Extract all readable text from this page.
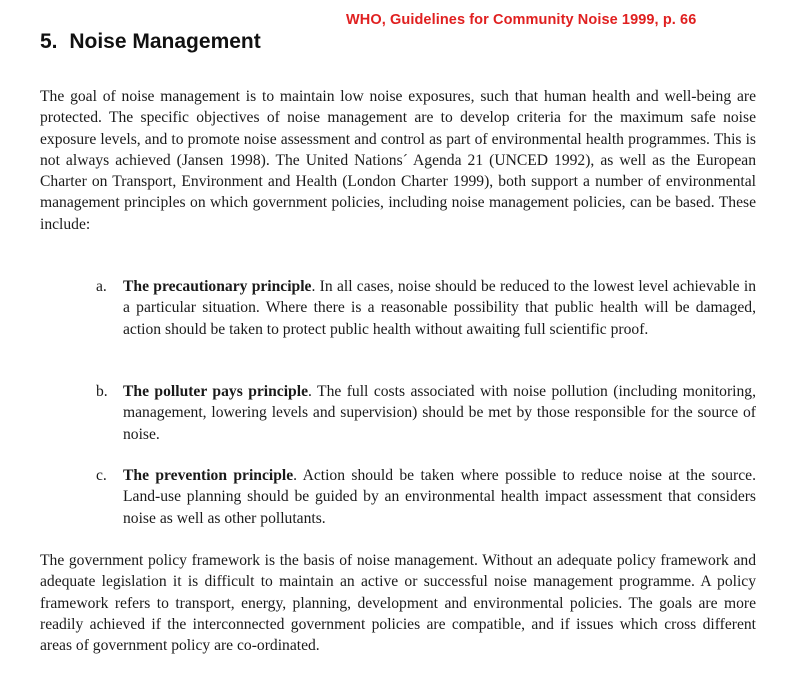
WHO, Guidelines for Community Noise 1999, p. 66
5. Noise Management

The goal of noise management is to maintain low noise exposures, such that human health and well-being are protected. The specific objectives of noise management are to develop criteria for the maximum safe noise exposure levels, and to promote noise assessment and control as part of environmental health programmes. This is not always achieved (Jansen 1998). The United Nations´ Agenda 21 (UNCED 1992), as well as the European Charter on Transport, Environment and Health (London Charter 1999), both support a number of environmental management principles on which government policies, including noise management policies, can be based. These include:

a. The precautionary principle. In all cases, noise should be reduced to the lowest level achievable in a particular situation. Where there is a reasonable possibility that public health will be damaged, action should be taken to protect public health without awaiting full scientific proof.
b. The polluter pays principle. The full costs associated with noise pollution (including monitoring, management, lowering levels and supervision) should be met by those responsible for the source of noise.
c. The prevention principle. Action should be taken where possible to reduce noise at the source. Land-use planning should be guided by an environmental health impact assessment that considers noise as well as other pollutants.

The government policy framework is the basis of noise management. Without an adequate policy framework and adequate legislation it is difficult to maintain an active or successful noise management programme. A policy framework refers to transport, energy, planning, development and environmental policies. The goals are more readily achieved if the interconnected government policies are compatible, and if issues which cross different areas of government policy are co-ordinated.
